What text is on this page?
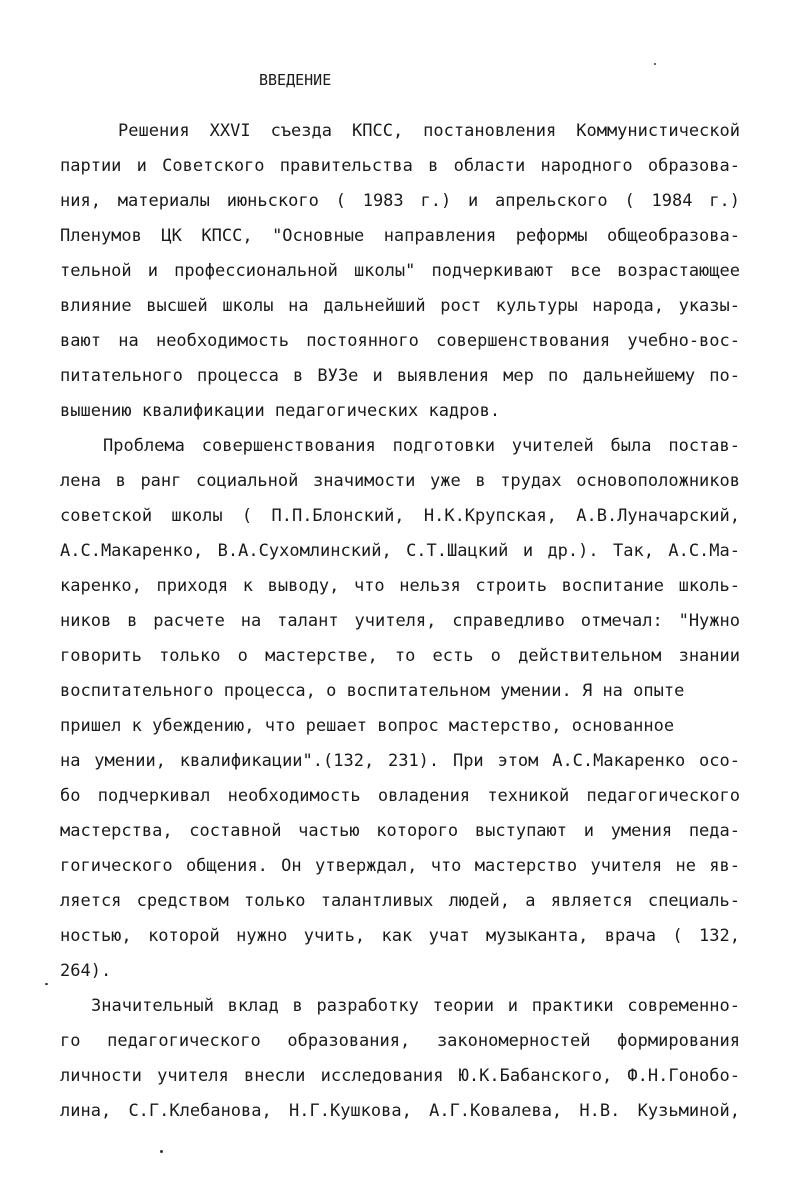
ВВЕДЕНИЕ
Решения XXVI съезда КПСС, постановления Коммунистической
партии и Советского правительства в области народного образова-
ния, материалы июньского ( 1983 г.) и апрельского ( 1984 г.)
Пленумов ЦК КПСС, "Основные направления реформы общеобразова-
тельной и профессиональной школы" подчеркивают все возрастающее
влияние высшей школы на дальнейший рост культуры народа, указы-
вают на необходимость постоянного совершенствования учебно-вос-
питательного процесса в ВУЗе и выявления мер по дальнейшему по-
вышению квалификации педагогических кадров.
Проблема совершенствования подготовки учителей была постав-
лена в ранг социальной значимости уже в трудах основоположников
советской школы ( П.П.Блонский, Н.К.Крупская, А.В.Луначарский,
А.С.Макаренко, В.А.Сухомлинский, С.Т.Шацкий и др.). Так, А.С.Ма-
каренко, приходя к выводу, что нельзя строить воспитание школь-
ников в расчете на талант учителя, справедливо отмечал: "Нужно
говорить только о мастерстве, то есть о действительном знании
воспитательного процесса, о воспитательном умении. Я на опыте
пришел к убеждению, что решает вопрос мастерство, основанное
на умении, квалификации".(132, 231). При этом А.С.Макаренко осо-
бо подчеркивал необходимость овладения техникой педагогического
мастерства, составной частью которого выступают и умения педа-
гогического общения. Он утверждал, что мастерство учителя не яв-
ляется средством только талантливых людей, а является специаль-
ностью, которой нужно учить, как учат музыканта, врача ( 132,
264).
Значительный вклад в разработку теории и практики современно-
го педагогического образования, закономерностей формирования
личности учителя внесли исследования Ю.К.Бабанского, Ф.Н.Гонобо-
лина, С.Г.Клебанова, Н.Г.Кушкова, А.Г.Ковалева, Н.В. Кузьминой,
